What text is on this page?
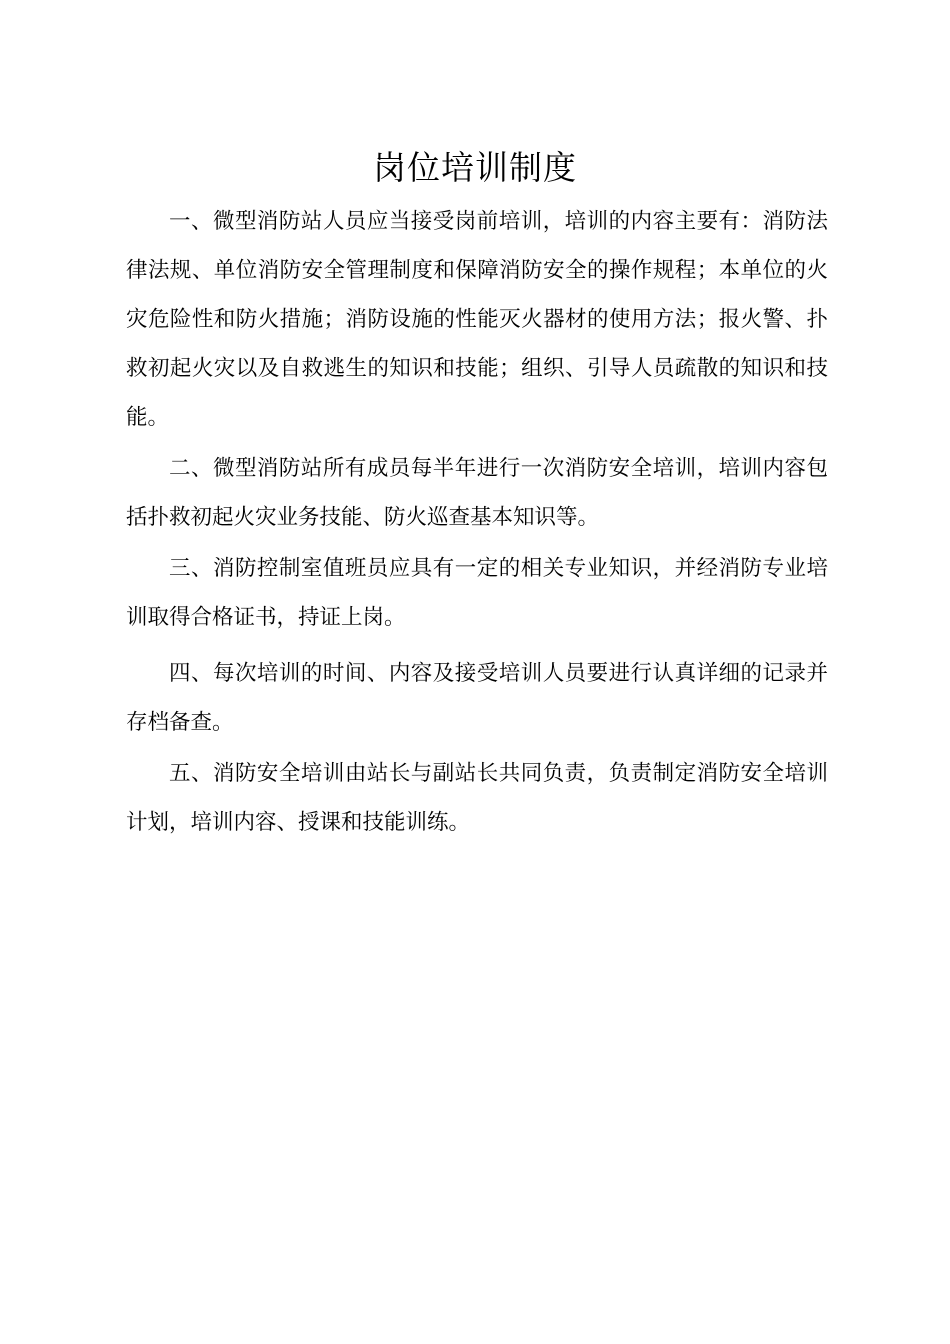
岗位培训制度

一、微型消防站人员应当接受岗前培训，培训的内容主要有：消防法律法规、单位消防安全管理制度和保障消防安全的操作规程；本单位的火灾危险性和防火措施；消防设施的性能灭火器材的使用方法；报火警、扑救初起火灾以及自救逃生的知识和技能；组织、引导人员疏散的知识和技能。

二、微型消防站所有成员每半年进行一次消防安全培训，培训内容包括扑救初起火灾业务技能、防火巡查基本知识等。

三、消防控制室值班员应具有一定的相关专业知识，并经消防专业培训取得合格证书，持证上岗。

四、每次培训的时间、内容及接受培训人员要进行认真详细的记录并存档备查。

五、消防安全培训由站长与副站长共同负责，负责制定消防安全培训计划，培训内容、授课和技能训练。
